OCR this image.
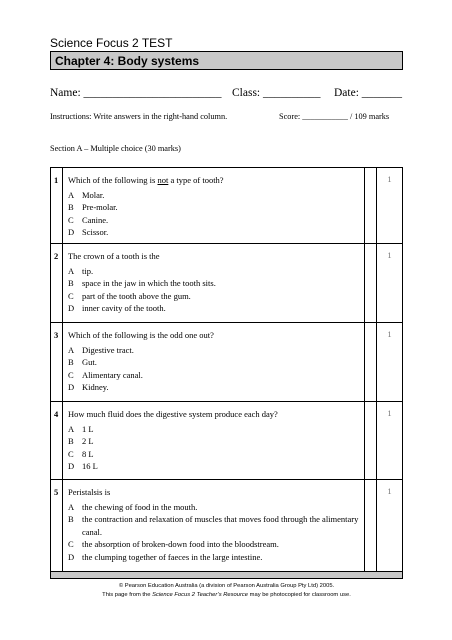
Science Focus 2 TEST
Chapter 4: Body systems
Name: ________________________ Class: __________ Date: _______
Instructions: Write answers in the right-hand column.	Score: ___________ / 109 marks
Section A – Multiple choice (30 marks)
1	Which of the following is not a type of tooth?
A Molar.
B Pre-molar.
C Canine.
D Scissor.
		1
2	The crown of a tooth is the
A tip.
B space in the jaw in which the tooth sits.
C part of the tooth above the gum.
D inner cavity of the tooth.
		1
3	Which of the following is the odd one out?
A Digestive tract.
B Gut.
C Alimentary canal.
D Kidney.
		1
4	How much fluid does the digestive system produce each day?
A 1 L
B 2 L
C 8 L
D 16 L
		1
5	Peristalsis is
A the chewing of food in the mouth.
B the contraction and relaxation of muscles that moves food through the alimentary canal.
C the absorption of broken-down food into the bloodstream.
D the clumping together of faeces in the large intestine.
		1
© Pearson Education Australia (a division of Pearson Australia Group Pty Ltd) 2005.
This page from the Science Focus 2 Teacher’s Resource may be photocopied for classroom use.
